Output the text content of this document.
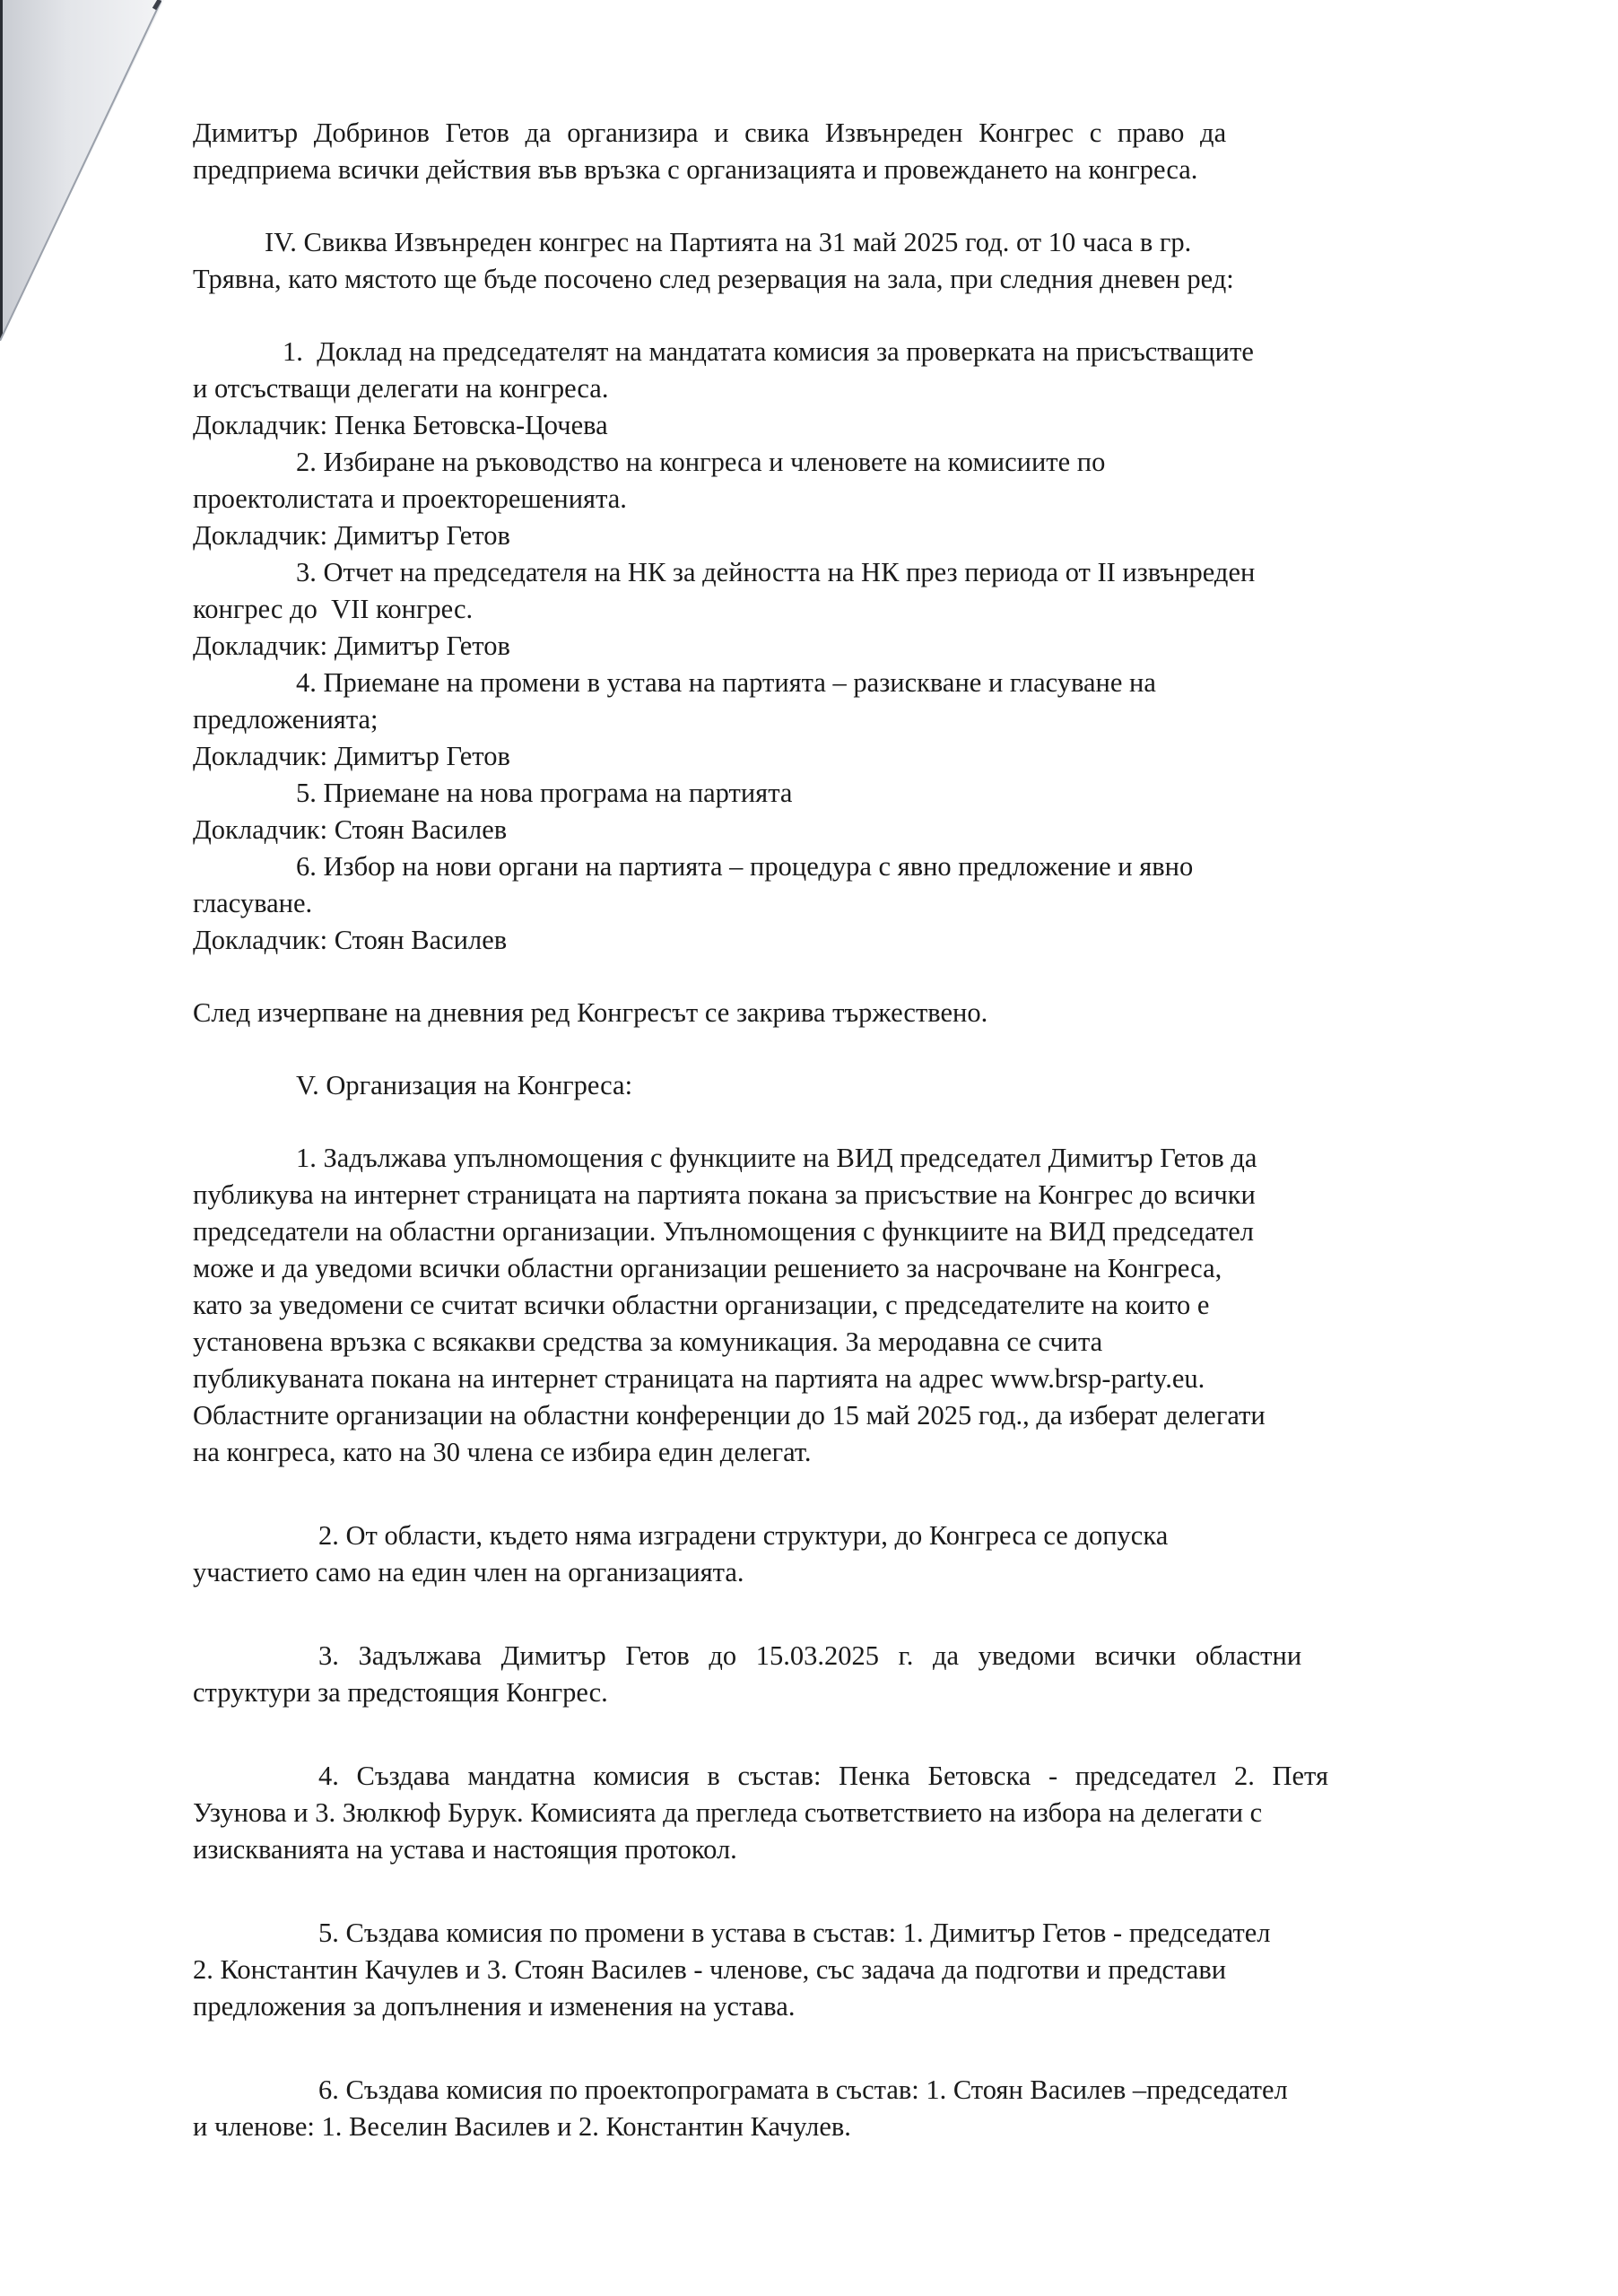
Димитър Добринов Гетов да организира и свика Извънреден Конгрес с право да

предприема всички действия във връзка с организацията и провеждането на конгреса.

IV. Свиква Извънреден конгрес на Партията на 31 май 2025 год. от 10 часа в гр.

Трявна, като мястото ще бъде посочено след резервация на зала, при следния дневен ред:

1. Доклад на председателят на мандатата комисия за проверката на присъстващите

и отсъстващи делегати на конгреса.

Докладчик: Пенка Бетовска-Цочева

2. Избиране на ръководство на конгреса и членовете на комисиите по

проектолистата и проекторешенията.

Докладчик: Димитър Гетов

3. Отчет на председателя на НК за дейността на НК през периода от II извънреден

конгрес до  VII конгрес.

Докладчик: Димитър Гетов

4. Приемане на промени в устава на партията – разискване и гласуване на

предложенията;

Докладчик: Димитър Гетов

5. Приемане на нова програма на партията

Докладчик: Стоян Василев

6. Избор на нови органи на партията – процедура с явно предложение и явно

гласуване.

Докладчик: Стоян Василев

След изчерпване на дневния ред Конгресът се закрива тържествено.

V. Организация на Конгреса:

1. Задължава упълномощения с функциите на ВИД председател Димитър Гетов да

публикува на интернет страницата на партията покана за присъствие на Конгрес до всички

председатели на областни организации. Упълномощения с функциите на ВИД председател

може и да уведоми всички областни организации решението за насрочване на Конгреса,

като за уведомени се считат всички областни организации, с председателите на които е

установена връзка с всякакви средства за комуникация. За меродавна се счита

публикуваната покана на интернет страницата на партията на адрес www.brsp-party.eu.

Областните организации на областни конференции до 15 май 2025 год., да изберат делегати

на конгреса, като на 30 члена се избира един делегат.

2. От области, където няма изградени структури, до Конгреса се допуска

участието само на един член на организацията.

3. Задължава Димитър Гетов до 15.03.2025 г. да уведоми всички областни

структури за предстоящия Конгрес.

4. Създава мандатна комисия в състав: Пенка Бетовска - председател 2. Петя

Узунова и 3. Зюлкюф Бурук. Комисията да прегледа съответствието на избора на делегати с

изискванията на устава и настоящия протокол.

5. Създава комисия по промени в устава в състав: 1. Димитър Гетов - председател

2. Константин Качулев и 3. Стоян Василев - членове, със задача да подготви и представи

предложения за допълнения и изменения на устава.

6. Създава комисия по проектопрограмата в състав: 1. Стоян Василев –председател

и членове: 1. Веселин Василев и 2. Константин Качулев.
